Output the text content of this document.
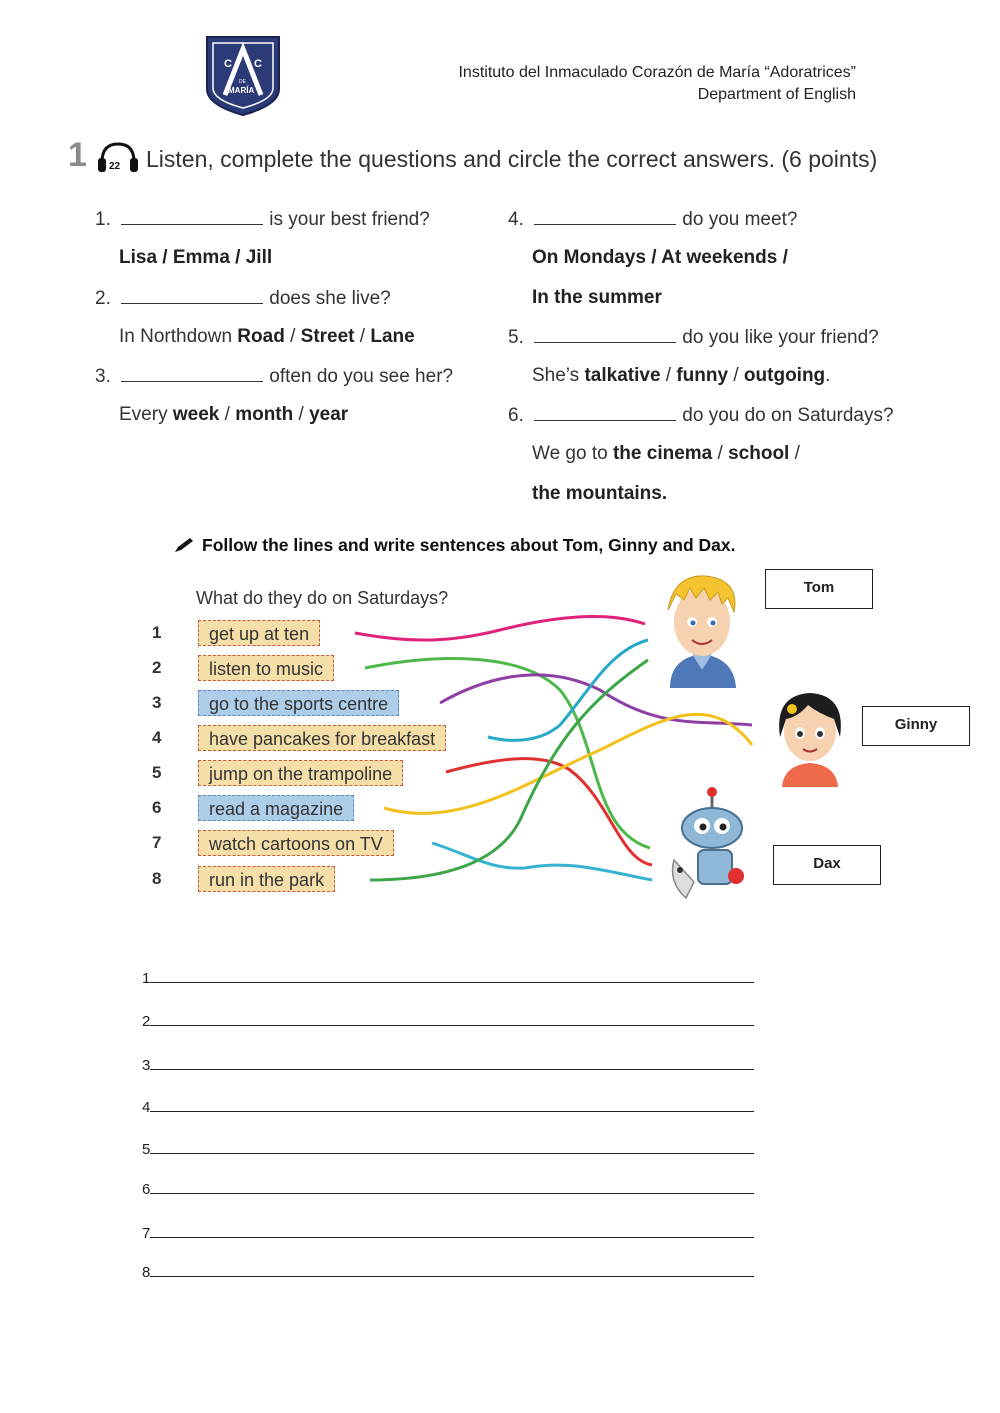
C I C
DE
MARÍA
Instituto del Inmaculado Corazón de María “Adoratrices”
Department of English
1 22 Listen, complete the questions and circle the correct answers. (6 points)
1.	is your best friend?
Lisa / Emma / Jill
2.	does she live?
In Northdown Road / Street / Lane
3.	often do you see her?
Every week / month / year
4.	do you meet?
On Mondays / At weekends /
In the summer
5.	do you like your friend?
She’s talkative / funny / outgoing.
6.	do you do on Saturdays?
We go to the cinema / school /
the mountains.
Follow the lines and write sentences about Tom, Ginny and Dax.
What do they do on Saturdays?
1	get up at ten
2	listen to music
3	go to the sports centre
4	have pancakes for breakfast
5	jump on the trampoline
6	read a magazine
7	watch cartoons on TV
8	run in the park
Tom
Ginny
Dax
1
2
3
4
5
6
7
8
